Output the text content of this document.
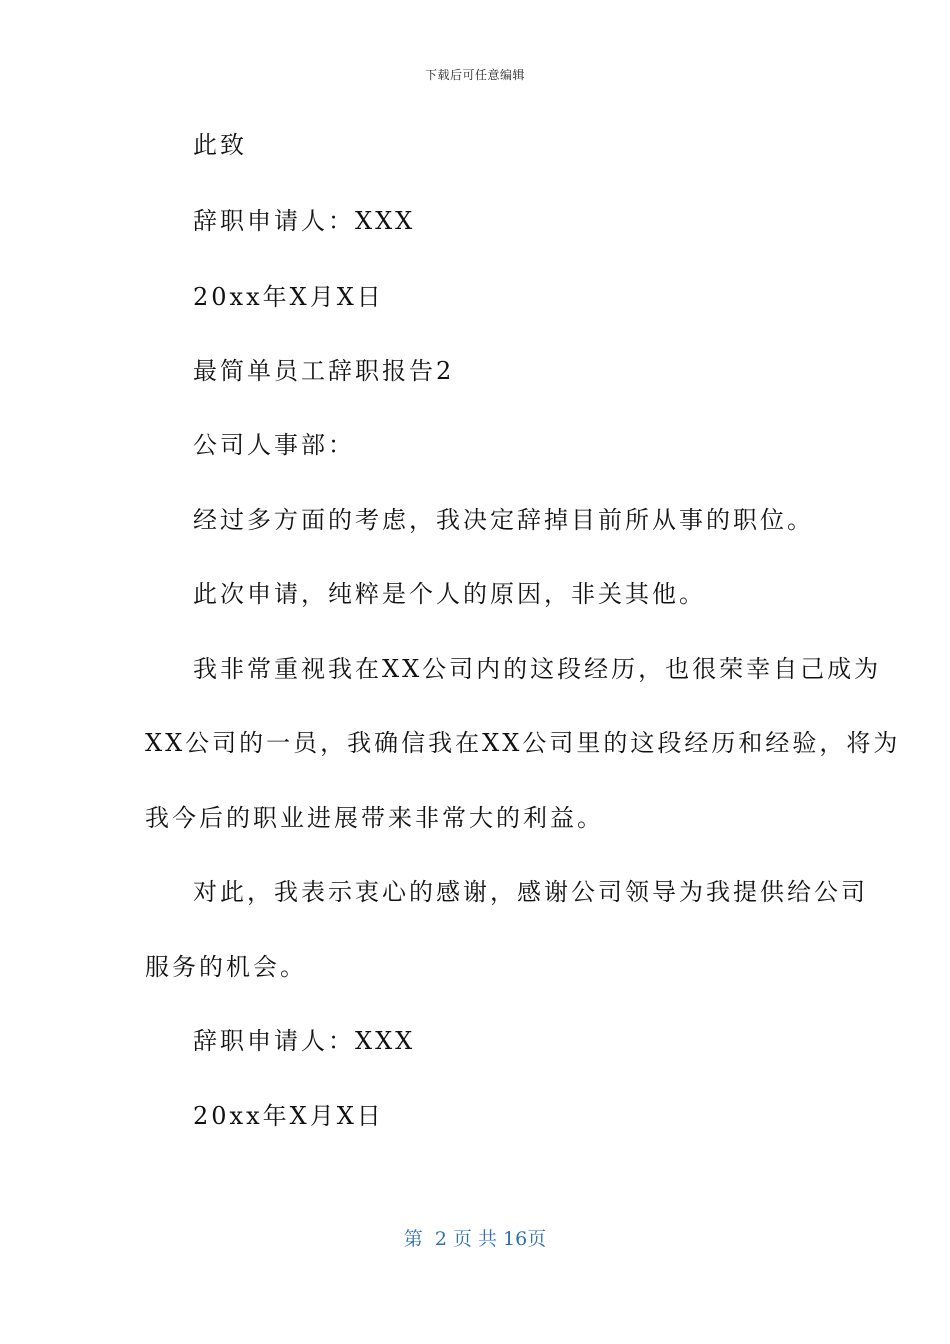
下载后可任意编辑
此致
辞职申请人：XXX
20xx年X月X日
最简单员工辞职报告2
公司人事部：
经过多方面的考虑，我决定辞掉目前所从事的职位。
此次申请，纯粹是个人的原因，非关其他。
我非常重视我在XX公司内的这段经历，也很荣幸自己成为
XX公司的一员，我确信我在XX公司里的这段经历和经验，将为
我今后的职业进展带来非常大的利益。
对此，我表示衷心的感谢，感谢公司领导为我提供给公司
服务的机会。
辞职申请人：XXX
20xx年X月X日
第  2 页 共 16页
